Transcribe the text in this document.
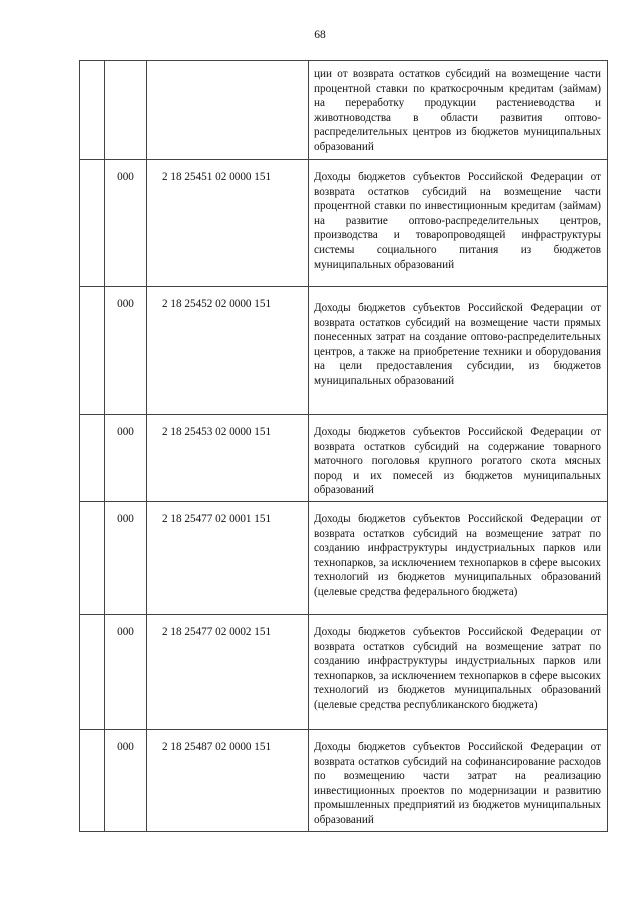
68
			ции от возврата остатков субсидий на возмещение части процентной ставки по краткосрочным кредитам (займам) на переработку продукции растениеводства и животноводства в области развития оптово-распределительных центров из бюджетов муниципальных образований
	000	2 18 25451 02 0000 151	Доходы бюджетов субъектов Российской Федерации от возврата остатков субсидий на возмещение части процентной ставки по инвестиционным кредитам (займам) на развитие оптово-распределительных центров, производства и товаропроводящей инфраструктуры системы социального питания из бюджетов муниципальных образований
	000	2 18 25452 02 0000 151	Доходы бюджетов субъектов Российской Федерации от возврата остатков субсидий на возмещение части прямых понесенных затрат на создание оптово-распределительных центров, а также на приобретение техники и оборудования на цели предоставления субсидии, из бюджетов муниципальных образований
	000	2 18 25453 02 0000 151	Доходы бюджетов субъектов Российской Федерации от возврата остатков субсидий на содержание товарного маточного поголовья крупного рогатого скота мясных пород и их помесей из бюджетов муниципальных образований
	000	2 18 25477 02 0001 151	Доходы бюджетов субъектов Российской Федерации от возврата остатков субсидий на возмещение затрат по созданию инфраструктуры индустриальных парков или технопарков, за исключением технопарков в сфере высоких технологий из бюджетов муниципальных образований (целевые средства федерального бюджета)
	000	2 18 25477 02 0002 151	Доходы бюджетов субъектов Российской Федерации от возврата остатков субсидий на возмещение затрат по созданию инфраструктуры индустриальных парков или технопарков, за исключением технопарков в сфере высоких технологий из бюджетов муниципальных образований (целевые средства республиканского бюджета)
	000	2 18 25487 02 0000 151	Доходы бюджетов субъектов Российской Федерации от возврата остатков субсидий на софинансирование расходов по возмещению части затрат на реализацию инвестиционных проектов по модернизации и развитию промышленных предприятий из бюджетов муниципальных образований
